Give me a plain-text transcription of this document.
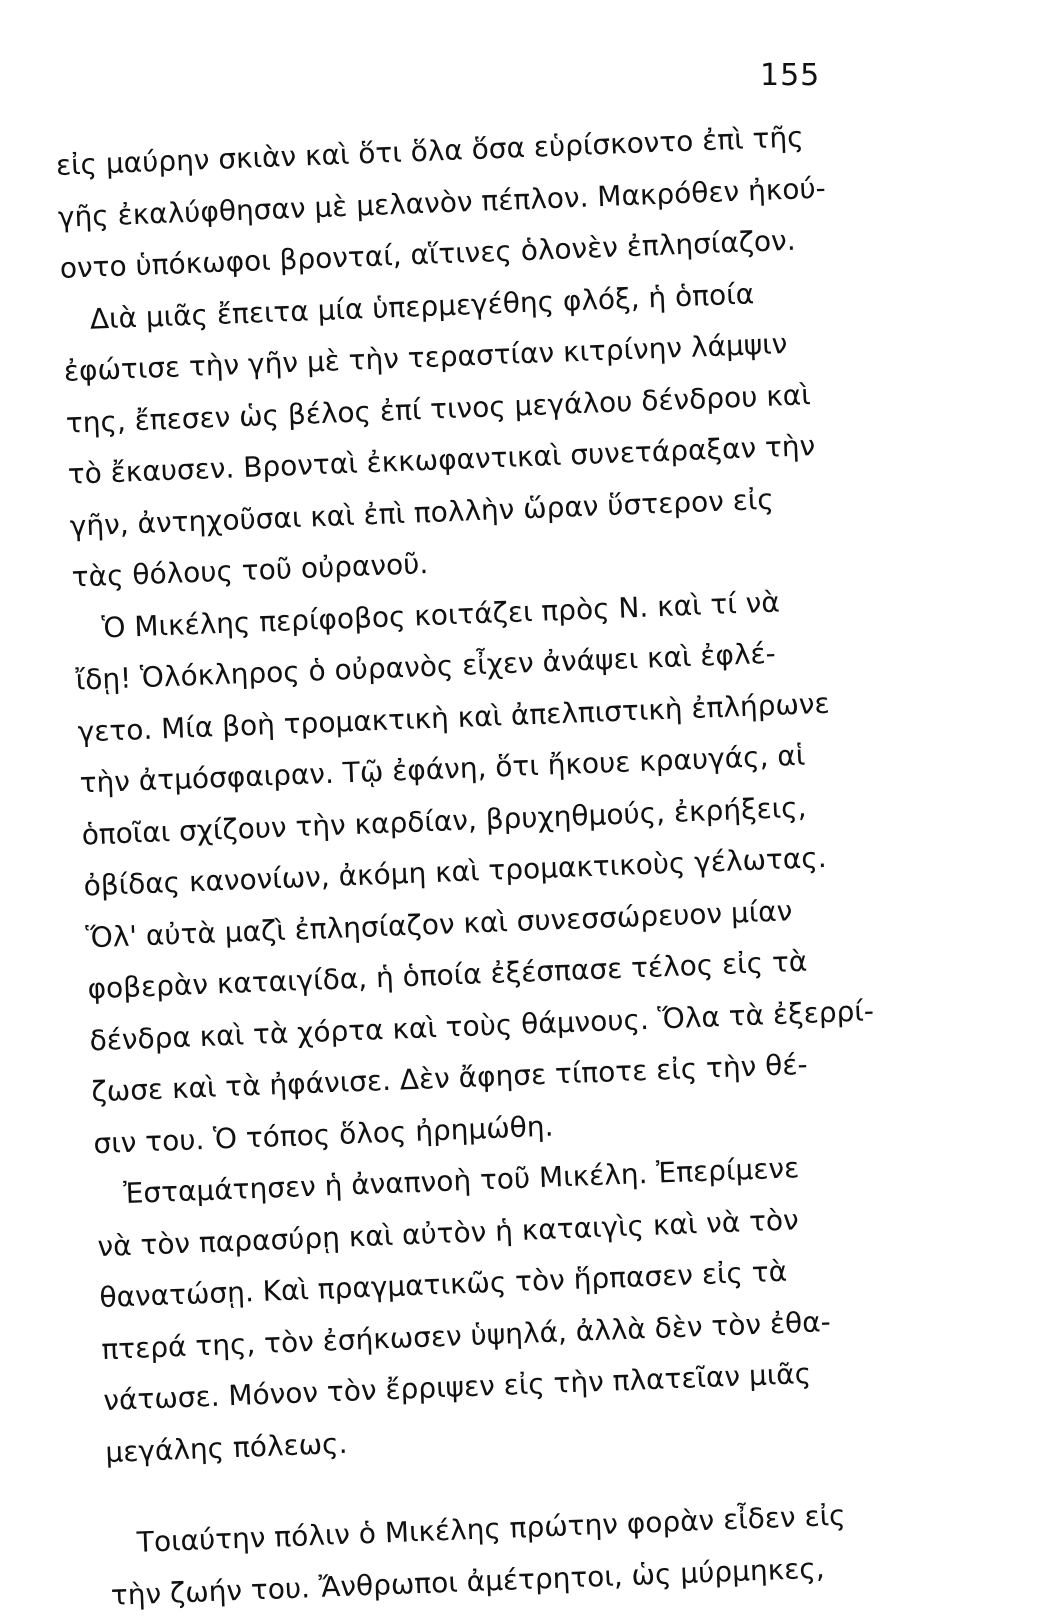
155
εἰς μαύρην σκιὰν καὶ ὅτι ὅλα ὅσα εὑρίσκοντο ἐπὶ τῆς
γῆς ἐκαλύφθησαν μὲ μελανὸν πέπλον. Μακρόθεν ἠκού-
οντο ὑπόκωφοι βρονταί, αἵτινες ὁλονὲν ἐπλησίαζον.
Διὰ μιᾶς ἔπειτα μία ὑπερμεγέθης φλόξ, ἡ ὁποία
ἐφώτισε τὴν γῆν μὲ τὴν τεραστίαν κιτρίνην λάμψιν
της, ἔπεσεν ὡς βέλος ἐπί τινος μεγάλου δένδρου καὶ
τὸ ἔκαυσεν. Βρονταὶ ἐκκωφαντικαὶ συνετάραξαν τὴν
γῆν, ἀντηχοῦσαι καὶ ἐπὶ πολλὴν ὥραν ὕστερον εἰς
τὰς θόλους τοῦ οὐρανοῦ.
Ὁ Μικέλης περίφοβος κοιτάζει πρὸς Ν. καὶ τί νὰ
ἴδῃ! Ὁλόκληρος ὁ οὐρανὸς εἶχεν ἀνάψει καὶ ἐφλέ-
γετο. Μία βοὴ τρομακτικὴ καὶ ἀπελπιστικὴ ἐπλήρωνε
τὴν ἀτμόσφαιραν. Τῷ ἐφάνη, ὅτι ἤκουε κραυγάς, αἱ
ὁποῖαι σχίζουν τὴν καρδίαν, βρυχηθμούς, ἐκρήξεις,
ὀβίδας κανονίων, ἀκόμη καὶ τρομακτικοὺς γέλωτας.
Ὅλ' αὐτὰ μαζὶ ἐπλησίαζον καὶ συνεσσώρευον μίαν
φοβερὰν καταιγίδα, ἡ ὁποία ἐξέσπασε τέλος εἰς τὰ
δένδρα καὶ τὰ χόρτα καὶ τοὺς θάμνους. Ὅλα τὰ ἐξερρί-
ζωσε καὶ τὰ ἠφάνισε. Δὲν ἄφησε τίποτε εἰς τὴν θέ-
σιν του. Ὁ τόπος ὅλος ἠρημώθη.
Ἐσταμάτησεν ἡ ἀναπνοὴ τοῦ Μικέλη. Ἐπερίμενε
νὰ τὸν παρασύρῃ καὶ αὐτὸν ἡ καταιγὶς καὶ νὰ τὸν
θανατώσῃ. Καὶ πραγματικῶς τὸν ἥρπασεν εἰς τὰ
πτερά της, τὸν ἐσήκωσεν ὑψηλά, ἀλλὰ δὲν τὸν ἐθα-
νάτωσε. Μόνον τὸν ἔρριψεν εἰς τὴν πλατεῖαν μιᾶς
μεγάλης πόλεως.
Τοιαύτην πόλιν ὁ Μικέλης πρώτην φορὰν εἶδεν εἰς
τὴν ζωήν του. Ἄνθρωποι ἀμέτρητοι, ὡς μύρμηκες,
